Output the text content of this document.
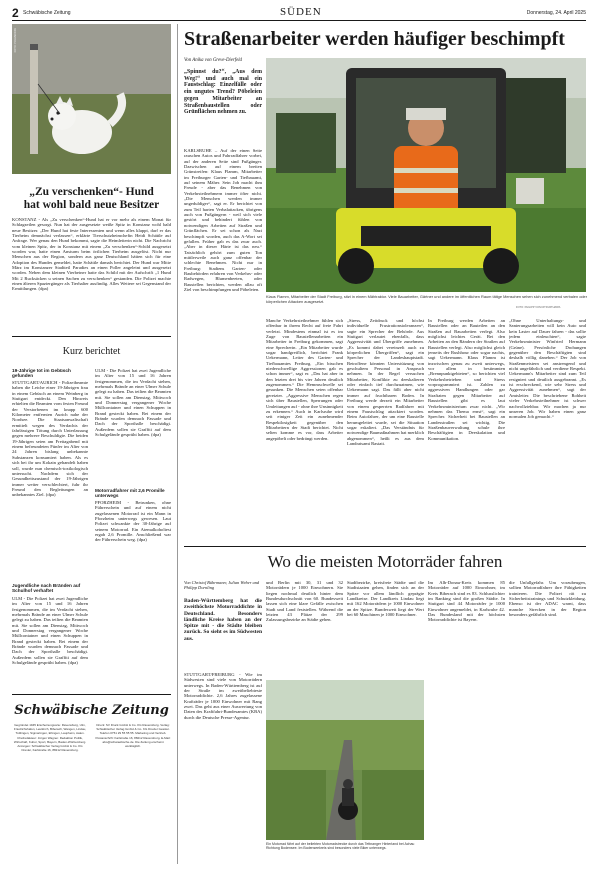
2 Schwäbische Zeitung	SÜDEN	Donnerstag, 24. April 2025
FOTO: POLIZEI/DPA
„Zu verschenken“- Hund hat wohl bald neue Besitzer

KONSTANZ - Als „Zu verschenken“-Hund hat er vor mehr als einem Monat für Schlagzeilen gesorgt. Nun hat der ausgesetzte weiße Spitz in Konstanz wohl bald neue Besitzer. „Der Hund hat feste Interessenten und wenn alles klappt, darf er das Tierheim demnächst verlassen“, erklärte Tierschutzheimchefin Heidi Schättle auf Anfrage. Wer genau den Hund bekommt, sagte die Heimleiterin nicht. Die Nachricht vom kleinen Spitz, der in Konstanz mit einem „Zu verschenken“-Schild ausgesetzt worden war, hatte einen Ansturm beim örtlichen Tierheim ausgelöst. Nicht nur Menschen aus der Region, sondern aus ganz Deutschland hätten sich für eine Adoption des Hundes gemeldet, hatte Schättle damals berichtet. Der Hund war Mitte März im Konstanzer Stadtteil Paradies an einen Poller angeleint und ausgesetzt worden. Neben dem kleinen Vierbeiner hatte das Schild mit der Aufschrift „1 Hund Mit 2 Rucksäcken u seinen Sachen zu verschenken“ gestanden. Die Polizei machte einen älteren Spaziergänger als Tierhalter ausfindig. Alles Weitere sei Gegenstand der Ermittlungen. (dpa)

Kurz berichtet

19-Jährige tot im Gebüsch gefunden

STUTTGART/AURICH - Polizeibeamte haben die Leiche einer 19-Jährigen frau in einem Gebüsch an einem Weinberg in Stuttgart entdeckt. Den Hinweis erhielten die Beamten vom festen Freund der Verstorbenen im knapp 600 Kilometer entfernten Aurich nahe der Nordsee. Die Staatsanwaltschaft ermittelt wegen des Verdachts der fahrlässigen Tötung durch Unterlassung gegen mehrere Beschuldigte. Die beiden 19-Jährigen seien am Freitagabend mit einem befreundeten Fünfer im Alter von 24 Jahren bislang unbekannte Substanzen konsumiert haben. Als es sich bei ihr um Kokain gehandelt haben soll, wurde nun chemisch-toxikologisch untersucht. Nachdem sich der Gesundheitszustand der 19-Jährigen immer weiter verschlechtert, fuhr ihr Freund den Begleitungen an unbekanntes Ziel. (dpa)

Jugendliche nach Bränden auf Schulhof verhaftet

ULM - Die Polizei hat zwei Jugendliche im Alter von 15 und 16 Jahren festgenommen, die im Verdacht stehen, mehrmals Brände an einer Ulmer Schule gelegt zu haben. Das teilten die Beamten mit. Sie sollen am Dienstag, Mittwoch und Donnerstag vergangener Woche Müllcontainer und einen Schuppen in Brand gesteckt haben. Bei einem der Brände wurden demnach Fassade und Dach der Sporthalle beschädigt. Außerdem sollen sie Graffiti auf dem Schulgelände gesprüht haben. (dpa)

ULM - Die Polizei hat zwei Jugendliche im Alter von 15 und 16 Jahren festgenommen, die im Verdacht stehen, mehrmals Brände an einer Ulmer Schule gelegt zu haben. Das teilten die Beamten mit. Sie sollen am Dienstag, Mittwoch und Donnerstag vergangener Woche Müllcontainer und einen Schuppen in Brand gesteckt haben. Bei einem der Brände wurden demnach Fassade und Dach der Sporthalle beschädigt. Außerdem sollen sie Graffiti auf dem Schulgelände gesprüht haben. (dpa)

Motorradfahrer mit 2,6 Promille unterwegs

PFORZHEIM - Betrunken, ohne Führerschein und auf einem nicht zugelassenen Motorrad ist ein Mann in Pforzheim unterwegs gewesen. Laut Polizei schwankte der 30-Jährige auf seinem Motorrad. Ein Atemalkoholtest ergab 2,6 Promille. Anschließend war der Führerschein weg. (dpa)

Schwäbische Zeitung

Gegründet 1945 Erscheinungsorte: Ravensburg, Ulm, Friedrichshafen, Leutkirch, Biberach, Wangen, Lindau, Tuttlingen, Sigmaringen, Ehingen, Laupheim, Aalen. Chefredakteur: Jürgen Wagner. Redaktion Politik, Wirtschaft, Kultur, Sport, Bayern, Baden-Württemberg. Anzeigen: Schwäbischer Verlag GmbH & Co. KG Drexler, Karlstraße 16, 88212 Ravensburg.

Druck: SV Druck GmbH & Co. KG Ravensburg. Verlag: Schwäbischer Verlag GmbH & Co. KG Drexler Gessler. Telefon 0751 29 55 55 55. Marketing und Vertrieb. Postanschrift: Karlstraße 16, 88212 Ravensburg. E-Mail: abo@schwaebische.de. Die Zeitung erscheint werktäglich.

Straßenarbeiter werden häufiger beschimpft

Von Anika von Greve-Dierfeld

„Spinnst du?“, „Aus dem Weg!“ und auch mal ein Faustschlag: Einzelfälle oder ein ungutes Trend? Pöbeleien gegen Mitarbeiter an Straßenbaustellen oder Grünflächen nehmen zu.

KARLSRUHE – Auf der einen Seite rauschen Autos und Fahrradfahrer vorbei, auf der anderen Seite sind Fußgänger. Dazwischen auf einem breiten Grünstreifen: Klaus Flamm, Mitarbeiter im Freiburger Garten- und Tiefbauamt, auf seinem Mäher. Sein Job macht ihm Freude - aber das Benehmen von Verkehrsteilnehmern immer öfter nicht. „Die Menschen werden immer ungeduldiger“, sagt er. Er berichtet von zum Teil harten Verbalattacken, übrigens auch von Fußgängern - weil sich viele gestört und behindert fühlen von notwendigen Arbeiten auf Straßen und Grünflächen. Er sei schon als Nazi beschimpft worden, auch das A-Wort sei gefallen. Früher gab es das zwar auch. „Aber in dieser Härte ist das neu.“ Tatsächlich gehört zum guten Ton mittlerweile auch ganz offenbar der schlechte Benehmen. Nicht nur in Freiburg: Stadtens Garten- oder Baubehörden erfahren von Verkehrs- oder Radwegen, Blumenbeeten, oder Baustellen berichten, werden allzu oft Ziel von beschimpfungen und Pöbeleien.

Klaus Flamm, Mitarbeiter der Stadt Freiburg, sitzt in einem Mähtraktor. Viele Bauarbeiter, Gärtner und andere im öffentlichen Raum tätige Menschen sehen sich zunehmend verbalen oder körperlichen Attacken ausgesetzt.

FOTO: PHILIPP VON DITFURTH/DPA

Manche Verkehrsteilnehmer fühlen sich offenbar in ihrem Recht auf freie Fahrt verletzt. Mindestens einmal ist es im Zuge von Baustellenarbeiten ein Mitarbeiter in Freiburg gekommen, sagt eine Sprecherin. „Ein Mitarbeiter wurde sogar handgreiflich, berichtet Frank Uekermann, Leiter des Garten- und Tiefbauamtes Freiburg. „Ein bisschen niederschwellige Aggressionen gab es schon immer“, sagt er. „Das hat aber in den letzten drei bis vier Jahren deutlich zugenommen.“ Die Hemmschwelle sei gesunken. Die Menschen seien offenbar gereizter. „Aggressive Menschen regen sich über Baustellen, Sperrungen oder Umleitungen auf - ohne ihre Unsinnigkeit zu erkennen.“ Auch in Karlsruhe wird seit einiger Zeit ein zunehmender Respektlosigkeit gegenüber den Mitarbeitern der Stadt berichtet. Nicht selten komme es vor, dass Arbeiter angepöbelt oder bedrängt werden.

„Stress, Zeitdruck und höchst individuelle Frustrationstoleranzen“, sagte ein Sprecher der Behörde. Aus Stuttgart verlautet ebenfalls, dass Aggressivität und Übergriffe zunehmen. „Es kommt dabei vereinzelt auch zu körperlichen Übergriffen“, sagt ein Sprecher der Landeshauptstadt. Betroffene könnten Unterstützung von geschultem Personal in Anspruch nehmen. In der Regel versuchen Mitarbeiter, Konflikte zu deeskalieren oder einfach tief durchzuatmen, wie Uekermann sagt. Das fällt aber nicht immer auf fruchtbaren Boden. In Freiburg werde derzeit ein Mitarbeiter von einem gesperrten Radfahrer mit einem Faustschlag attackiert worden. Beim Autofahrer, der um eine Baustelle herumgeleitet wurde, sei die Situation sogar eskaliert. „Das Verständnis für notwendige Baumaßnahmen hat merklich abgenommen“, heißt es aus dem Landratsamt Rastatt.

In Freiburg werden Arbeiten an Baustellen oder an Bauteilen an den Straßen auf Bauarbeiten verlegt. Also möglichst leichtes Gerät. Bei den Arbeiten an den Rändern der Straßen auf Baustellen verlegt. Also möglichst gleich jenseits der Rushhour oder sogar nachts, sagt Uekermann. Klaus Flamm ist inzwischen genau zu zweit unterwegs, vor allem in bestimmten „Brennpunktgebieten“, so berichten viel Verkehrsbetrieben und Stress vorprogrammiert ist. Zahlen zu aggressiven Handlungen oder gar Straftaten gegen Mitarbeiter auf Baustellen gibt es laut Verkehrsministerium zwar nicht. „Wir nehmen das Thema ernst“, sagt ein Sprecher. Sicherheit bei Baustellen an Landesstraßen sei wichtig. Die Straßenbauverwaltung schule ihre Beschäftigten in Deeskalation und Kommunikation.

„Ohne Unterhaltungs- und Sanierungsarbeiten will kein Auto und kein Laster auf Dauer fahren - das sollte jedem einleuchten“, sagte Verkehrsminister Winfried Hermann (Grüne). Persönliche Drohungen gegenüber den Beschäftigten sind deshalb völlig daneben.“ Der Job von Straßenmeistern sei anstrengend und nicht ungefährlich und verdiene Respekt. Uekermann's Mitarbeiter sind zum Teil resigniert und deutlich ausgebrannt. „Es ist erschreckend, wie sehr Stress und Aggressivität zunehmen“, sagt der Amtsleiter. Die beschriebene Rohheit vieler Verkehrsteilnehmer ist schwer nachvollziehbar. Wir machen ja nur unseren Job. Wir haben einen ganz normalen Job gemacht.“

Wo die meisten Motorräder fahren

Von Christof Bührmann; Julian Weber und Philipp Dornling

Baden-Württemberg hat die zweithöchste Motorraddichte in Deutschland. Besonders ländliche Kreise haben an der Spitze mit - die Städte bleiben zurück. So sieht es im Südwesten aus.

STUTTGART/FREIBURG - Wie im Südwesten sind viele von Motorrädern unterwegs. In Baden-Württemberg ist auf der Straße im zweitbeliebteste Motorraddichte. 2,6 Jahres zugelassene Krafträder je 1000 Einwohner mit Rang zwei. Das geht aus einer Auswertung von Daten des Kraftfahrt-Bundesamtes (KBA) durch die Deutsche Presse-Agentur.

und Berlin mit 30, 31 und 32 Motorrädern je 1000 Einwohnern. Sie liegen nochmal deutlich hinter dem Bundesdurchschnitt von 60. Bundesweit lassen sich eine klare Gefälle zwischen Stadt und Land feststellen. Während die letzten 43 Plätze der 299 Zulassungsbezirke an Städte gehen.

Stadtbezirke, kreisfreie Städte und die Stadtstaaten gehen, finden sich an der Spitze vor allem ländlich geprägte Landkreise. Der Landkreis Lindau liegt mit 162 Motorrädern je 1000 Einwohner an der Spitze. Bundesweit liegt der Wert bei 60 Maschinen je 1000 Einwohner.

Ein Motorrad fährt auf der beliebten Motorradstrecke durch das Tettnanger Hinterland bei Achau Richtung Bodensee. Im Bodenseekreis sind besonders viele Biker unterwegs.

Im Alb-Donau-Kreis kommen 85 Motorräder auf 1000 Einwohner, im Kreis Biberach sind es 83. Schlusslichter im Ranking sind die großen Städte. In Stuttgart sind 44 Motorräder je 1000 Einwohner angemeldet, in Karlsruhe 42. Das Bundesland mit der höchsten Motorraddichte ist Bayern.

die Unfallgefahr. Um vorzubeugen, sollten Motorradfahrer ihre Fähigkeiten trainieren. Die Polizei rät zu Sicherheitstrainings und Schutzkleidung. Ebenso ist der ADAC warnt, dass manche Strecken in der Region besonders gefährlich sind.
